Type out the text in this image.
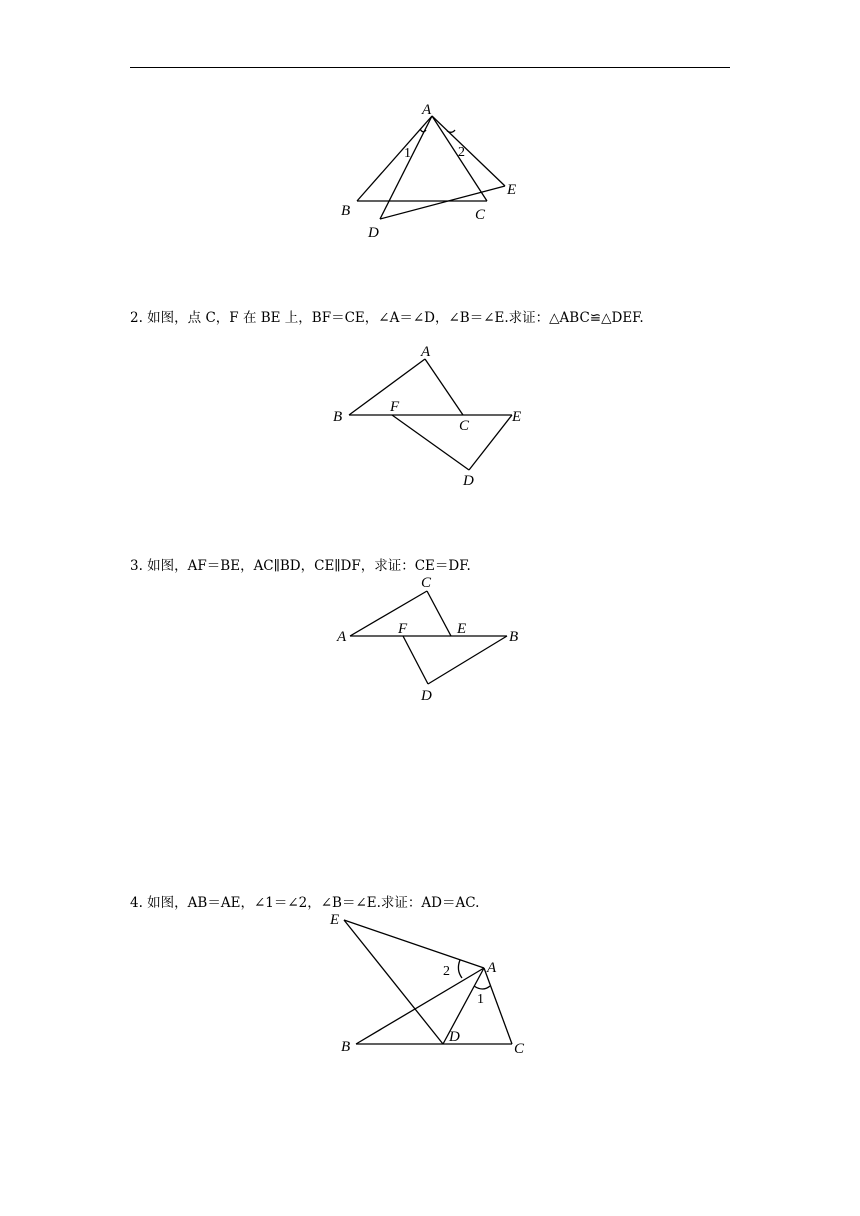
A
B	C
D
E
1	2
2. 如图，点 C，F 在 BE 上，BF＝CE，∠A＝∠D，∠B＝∠E.求证：△ABC≌△DEF.
A
B
F
C
E
D
3. 如图，AF＝BE，AC∥BD，CE∥DF，求证：CE＝DF.
C
A	F	E	B
D
4. 如图，AB＝AE，∠1＝∠2，∠B＝∠E.求证：AD＝AC.
E
A
B
D
C
2
1
